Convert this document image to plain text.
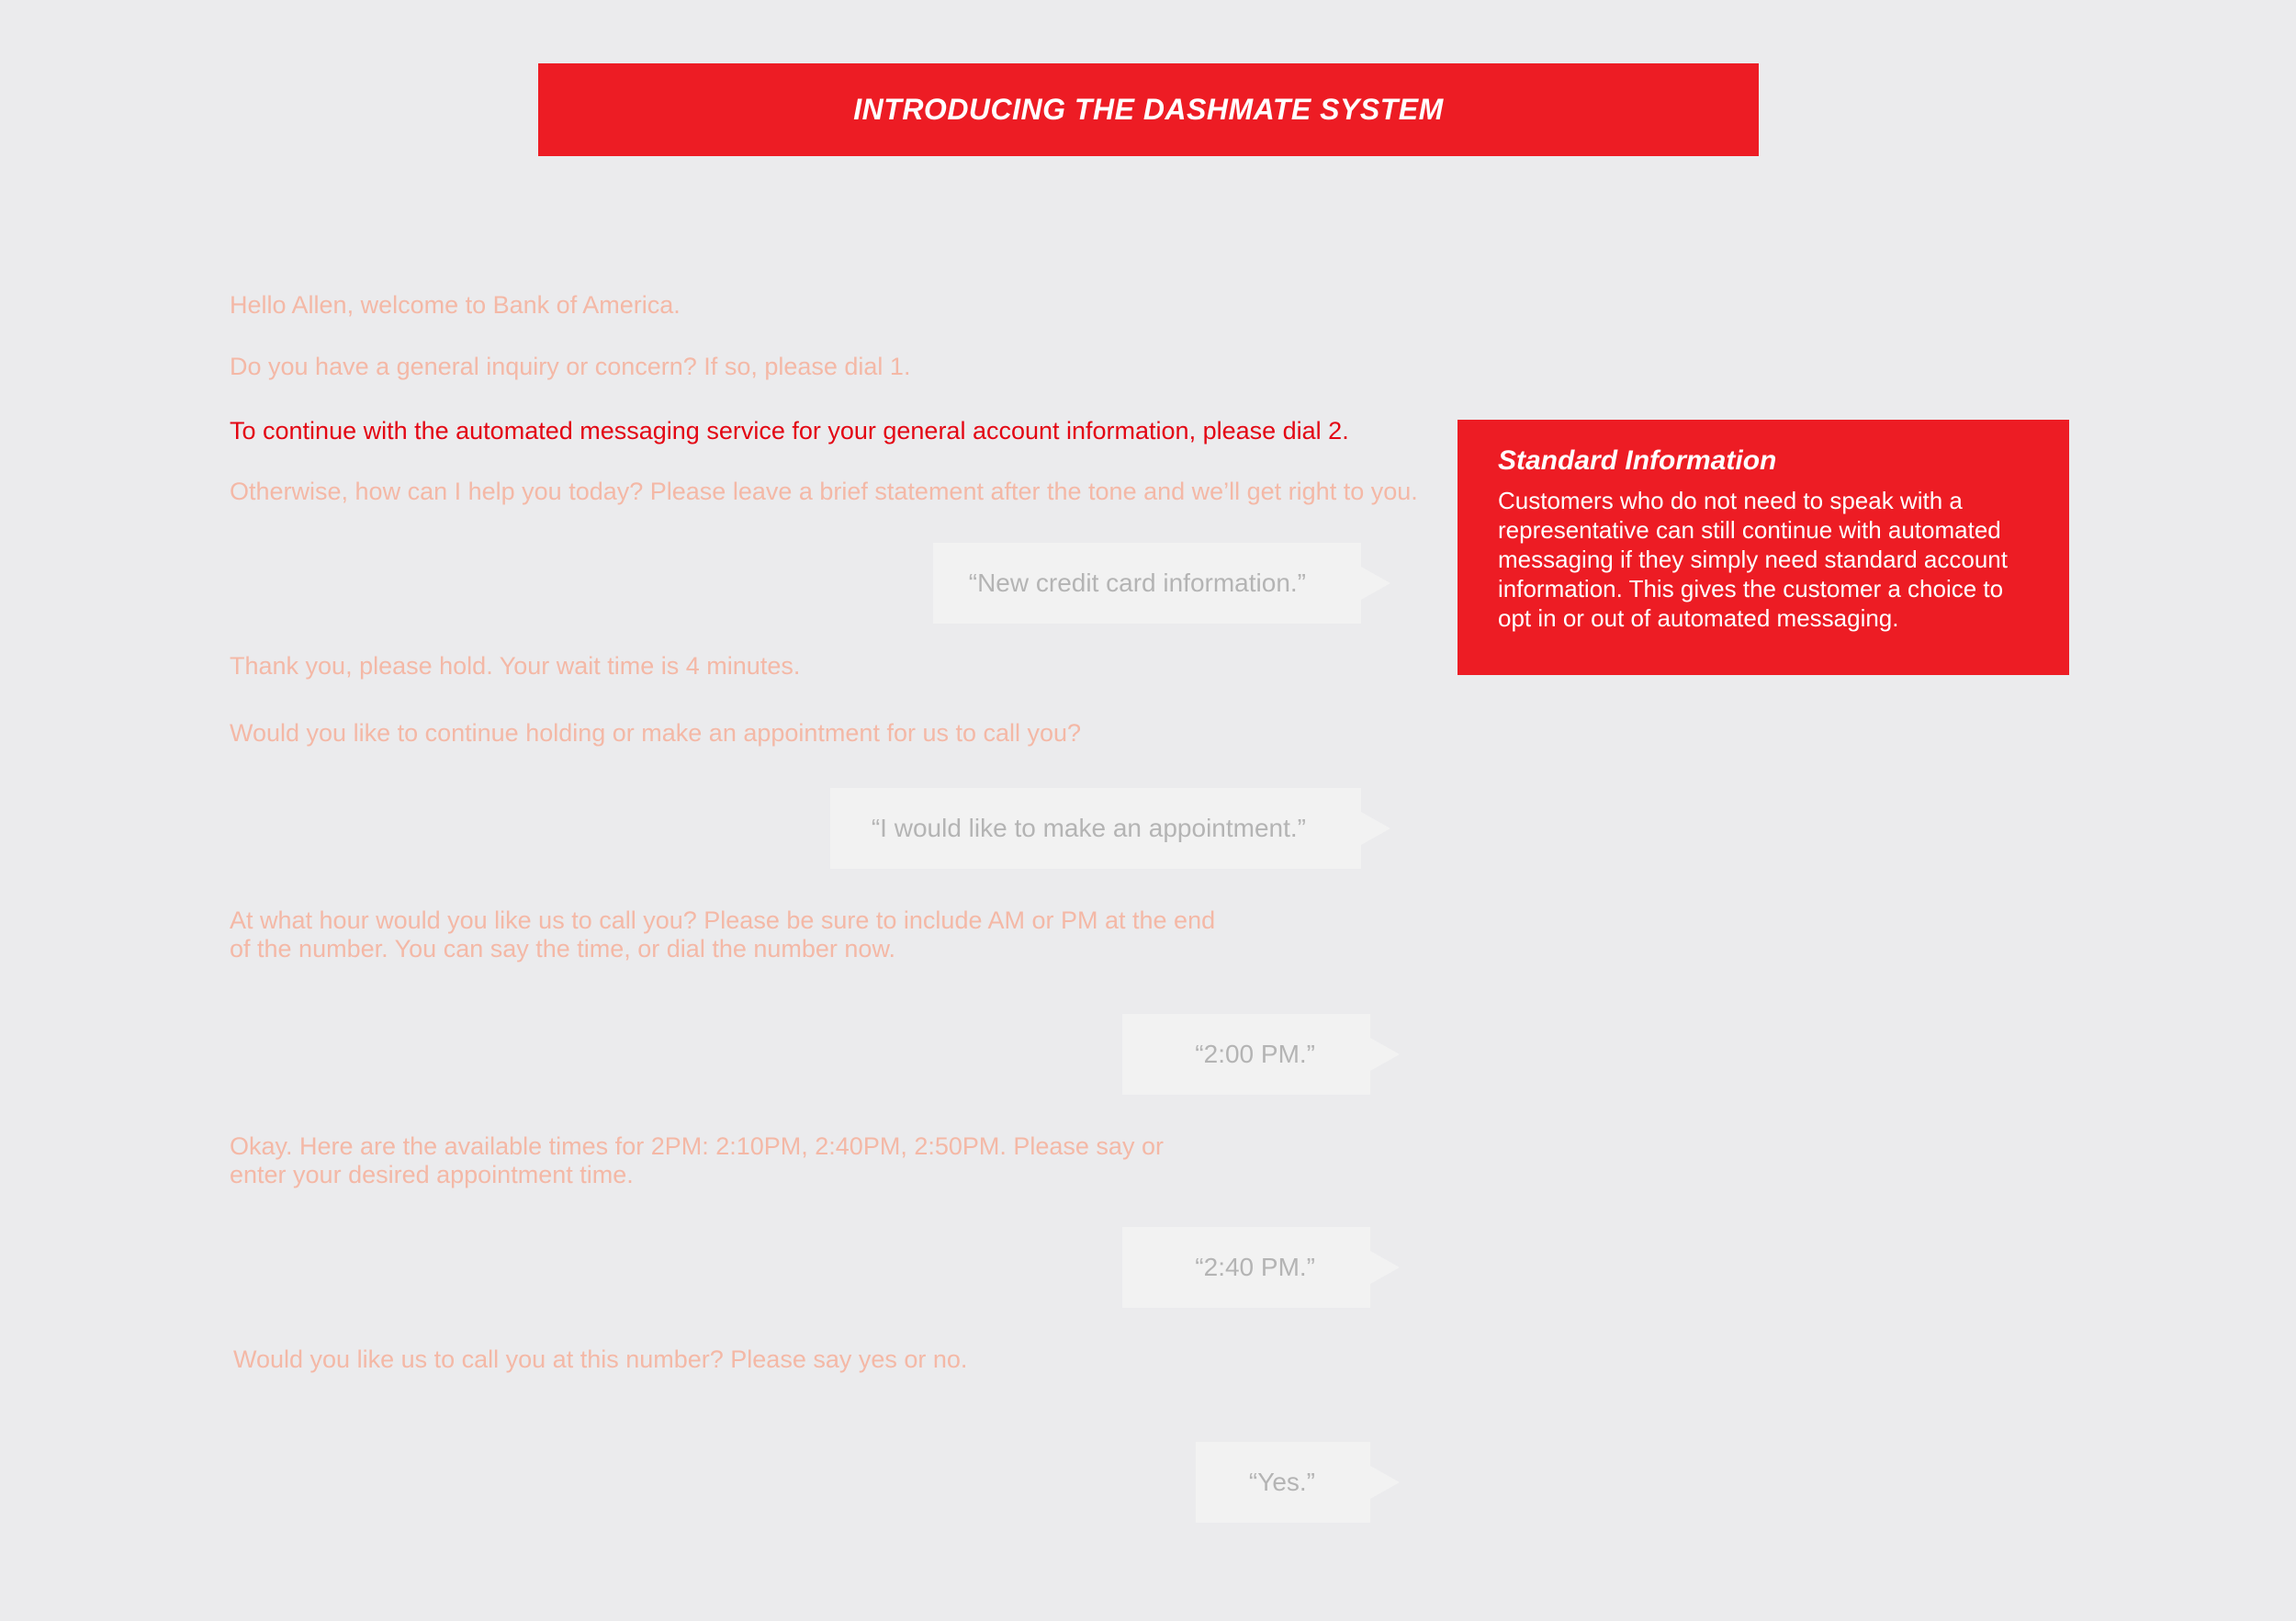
INTRODUCING THE DASHMATE SYSTEM
Hello Allen, welcome to Bank of America.
Do you have a general inquiry or concern? If so, please dial 1.
To continue with the automated messaging service for your general account information, please dial 2.
Otherwise, how can I help you today? Please leave a brief statement after the tone and we’ll get right to you.
“New credit card information.”
Thank you, please hold. Your wait time is 4 minutes.
Would you like to continue holding or make an appointment for us to call you?
“I would like to make an appointment.”
At what hour would you like us to call you? Please be sure to include AM or PM at the end
of the number. You can say the time, or dial the number now.
“2:00 PM.”
Okay. Here are the available times for 2PM: 2:10PM, 2:40PM, 2:50PM. Please say or
enter your desired appointment time.
“2:40 PM.”
Would you like us to call you at this number? Please say yes or no.
“Yes.”

Standard Information

Customers who do not need to speak with a
representative can still continue with automated
messaging if they simply need standard account
information. This gives the customer a choice to
opt in or out of automated messaging.
